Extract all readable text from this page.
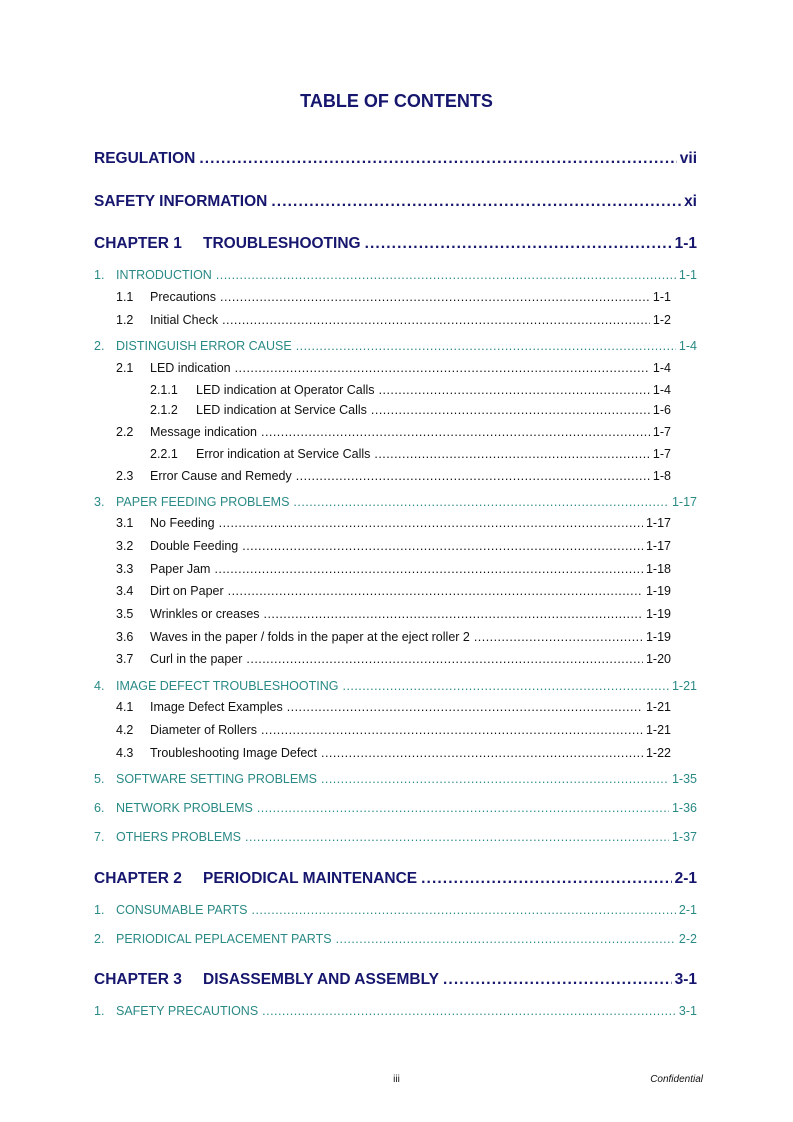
TABLE OF CONTENTS
REGULATION . . .	vii
SAFETY INFORMATION . . .	xi
CHAPTER 1	TROUBLESHOOTING . . .	1-1
1. INTRODUCTION . . .	1-1
1.1	Precautions . . .	1-1
1.2	Initial Check . . .	1-2
2. DISTINGUISH ERROR CAUSE . . .	1-4
2.1	LED indication . . .	1-4
2.1.1	LED indication at Operator Calls . . .	1-4
2.1.2	LED indication at Service Calls . . .	1-6
2.2	Message indication . . .	1-7
2.2.1	Error indication at Service Calls . . .	1-7
2.3	Error Cause and Remedy . . .	1-8
3. PAPER FEEDING PROBLEMS . . .	1-17
3.1	No Feeding . . .	1-17
3.2	Double Feeding . . .	1-17
3.3	Paper Jam . . .	1-18
3.4	Dirt on Paper . . .	1-19
3.5	Wrinkles or creases . . .	1-19
3.6	Waves in the paper / folds in the paper at the eject roller 2 . . .	1-19
3.7	Curl in the paper . . .	1-20
4. IMAGE DEFECT TROUBLESHOOTING . . .	1-21
4.1	Image Defect Examples . . .	1-21
4.2	Diameter of Rollers . . .	1-21
4.3	Troubleshooting Image Defect . . .	1-22
5. SOFTWARE SETTING PROBLEMS . . .	1-35
6. NETWORK PROBLEMS . . .	1-36
7. OTHERS PROBLEMS . . .	1-37
CHAPTER 2	PERIODICAL MAINTENANCE . . .	2-1
1. CONSUMABLE PARTS . . .	2-1
2. PERIODICAL PEPLACEMENT PARTS . . .	2-2
CHAPTER 3	DISASSEMBLY AND ASSEMBLY . . .	3-1
1. SAFETY PRECAUTIONS . . .	3-1
iii	Confidential
